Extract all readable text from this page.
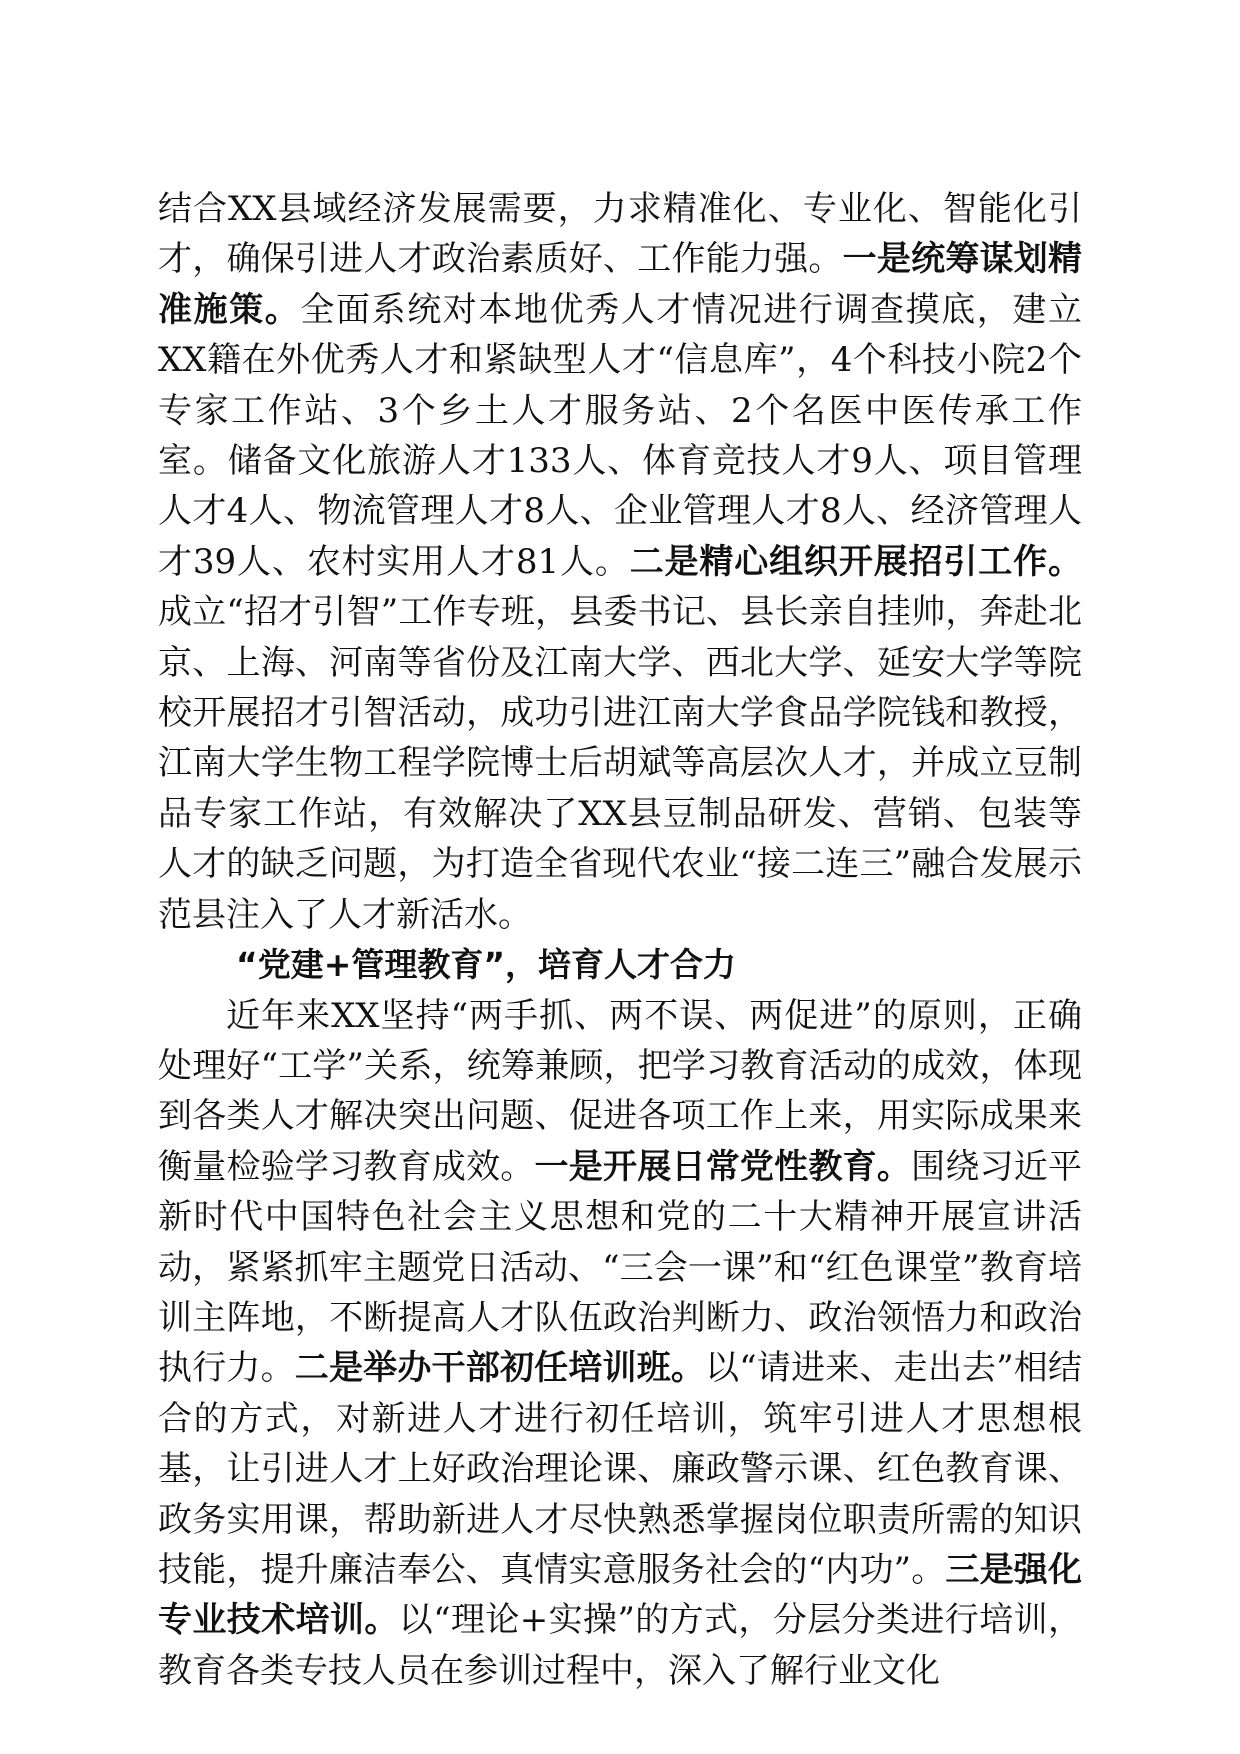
结合XX县域经济发展需要，力求精准化、专业化、智能化引才，确保引进人才政治素质好、工作能力强。一是统筹谋划精准施策。全面系统对本地优秀人才情况进行调查摸底，建立XX籍在外优秀人才和紧缺型人才“信息库”，4个科技小院2个专家工作站、3个乡土人才服务站、2个名医中医传承工作室。储备文化旅游人才133人、体育竞技人才9人、项目管理人才4人、物流管理人才8人、企业管理人才8人、经济管理人才39人、农村实用人才81人。二是精心组织开展招引工作。成立“招才引智”工作专班，县委书记、县长亲自挂帅，奔赴北京、上海、河南等省份及江南大学、西北大学、延安大学等院校开展招才引智活动，成功引进江南大学食品学院钱和教授，江南大学生物工程学院博士后胡斌等高层次人才，并成立豆制品专家工作站，有效解决了XX县豆制品研发、营销、包装等人才的缺乏问题，为打造全省现代农业“接二连三”融合发展示范县注入了人才新活水。

“党建+管理教育”，培育人才合力

近年来XX坚持“两手抓、两不误、两促进”的原则，正确处理好“工学”关系，统筹兼顾，把学习教育活动的成效，体现到各类人才解决突出问题、促进各项工作上来，用实际成果来衡量检验学习教育成效。一是开展日常党性教育。围绕习近平新时代中国特色社会主义思想和党的二十大精神开展宣讲活动，紧紧抓牢主题党日活动、“三会一课”和“红色课堂”教育培训主阵地，不断提高人才队伍政治判断力、政治领悟力和政治执行力。二是举办干部初任培训班。以“请进来、走出去”相结合的方式，对新进人才进行初任培训，筑牢引进人才思想根基，让引进人才上好政治理论课、廉政警示课、红色教育课、政务实用课，帮助新进人才尽快熟悉掌握岗位职责所需的知识技能，提升廉洁奉公、真情实意服务社会的“内功”。三是强化专业技术培训。以“理论+实操”的方式，分层分类进行培训，教育各类专技人员在参训过程中，深入了解行业文化
